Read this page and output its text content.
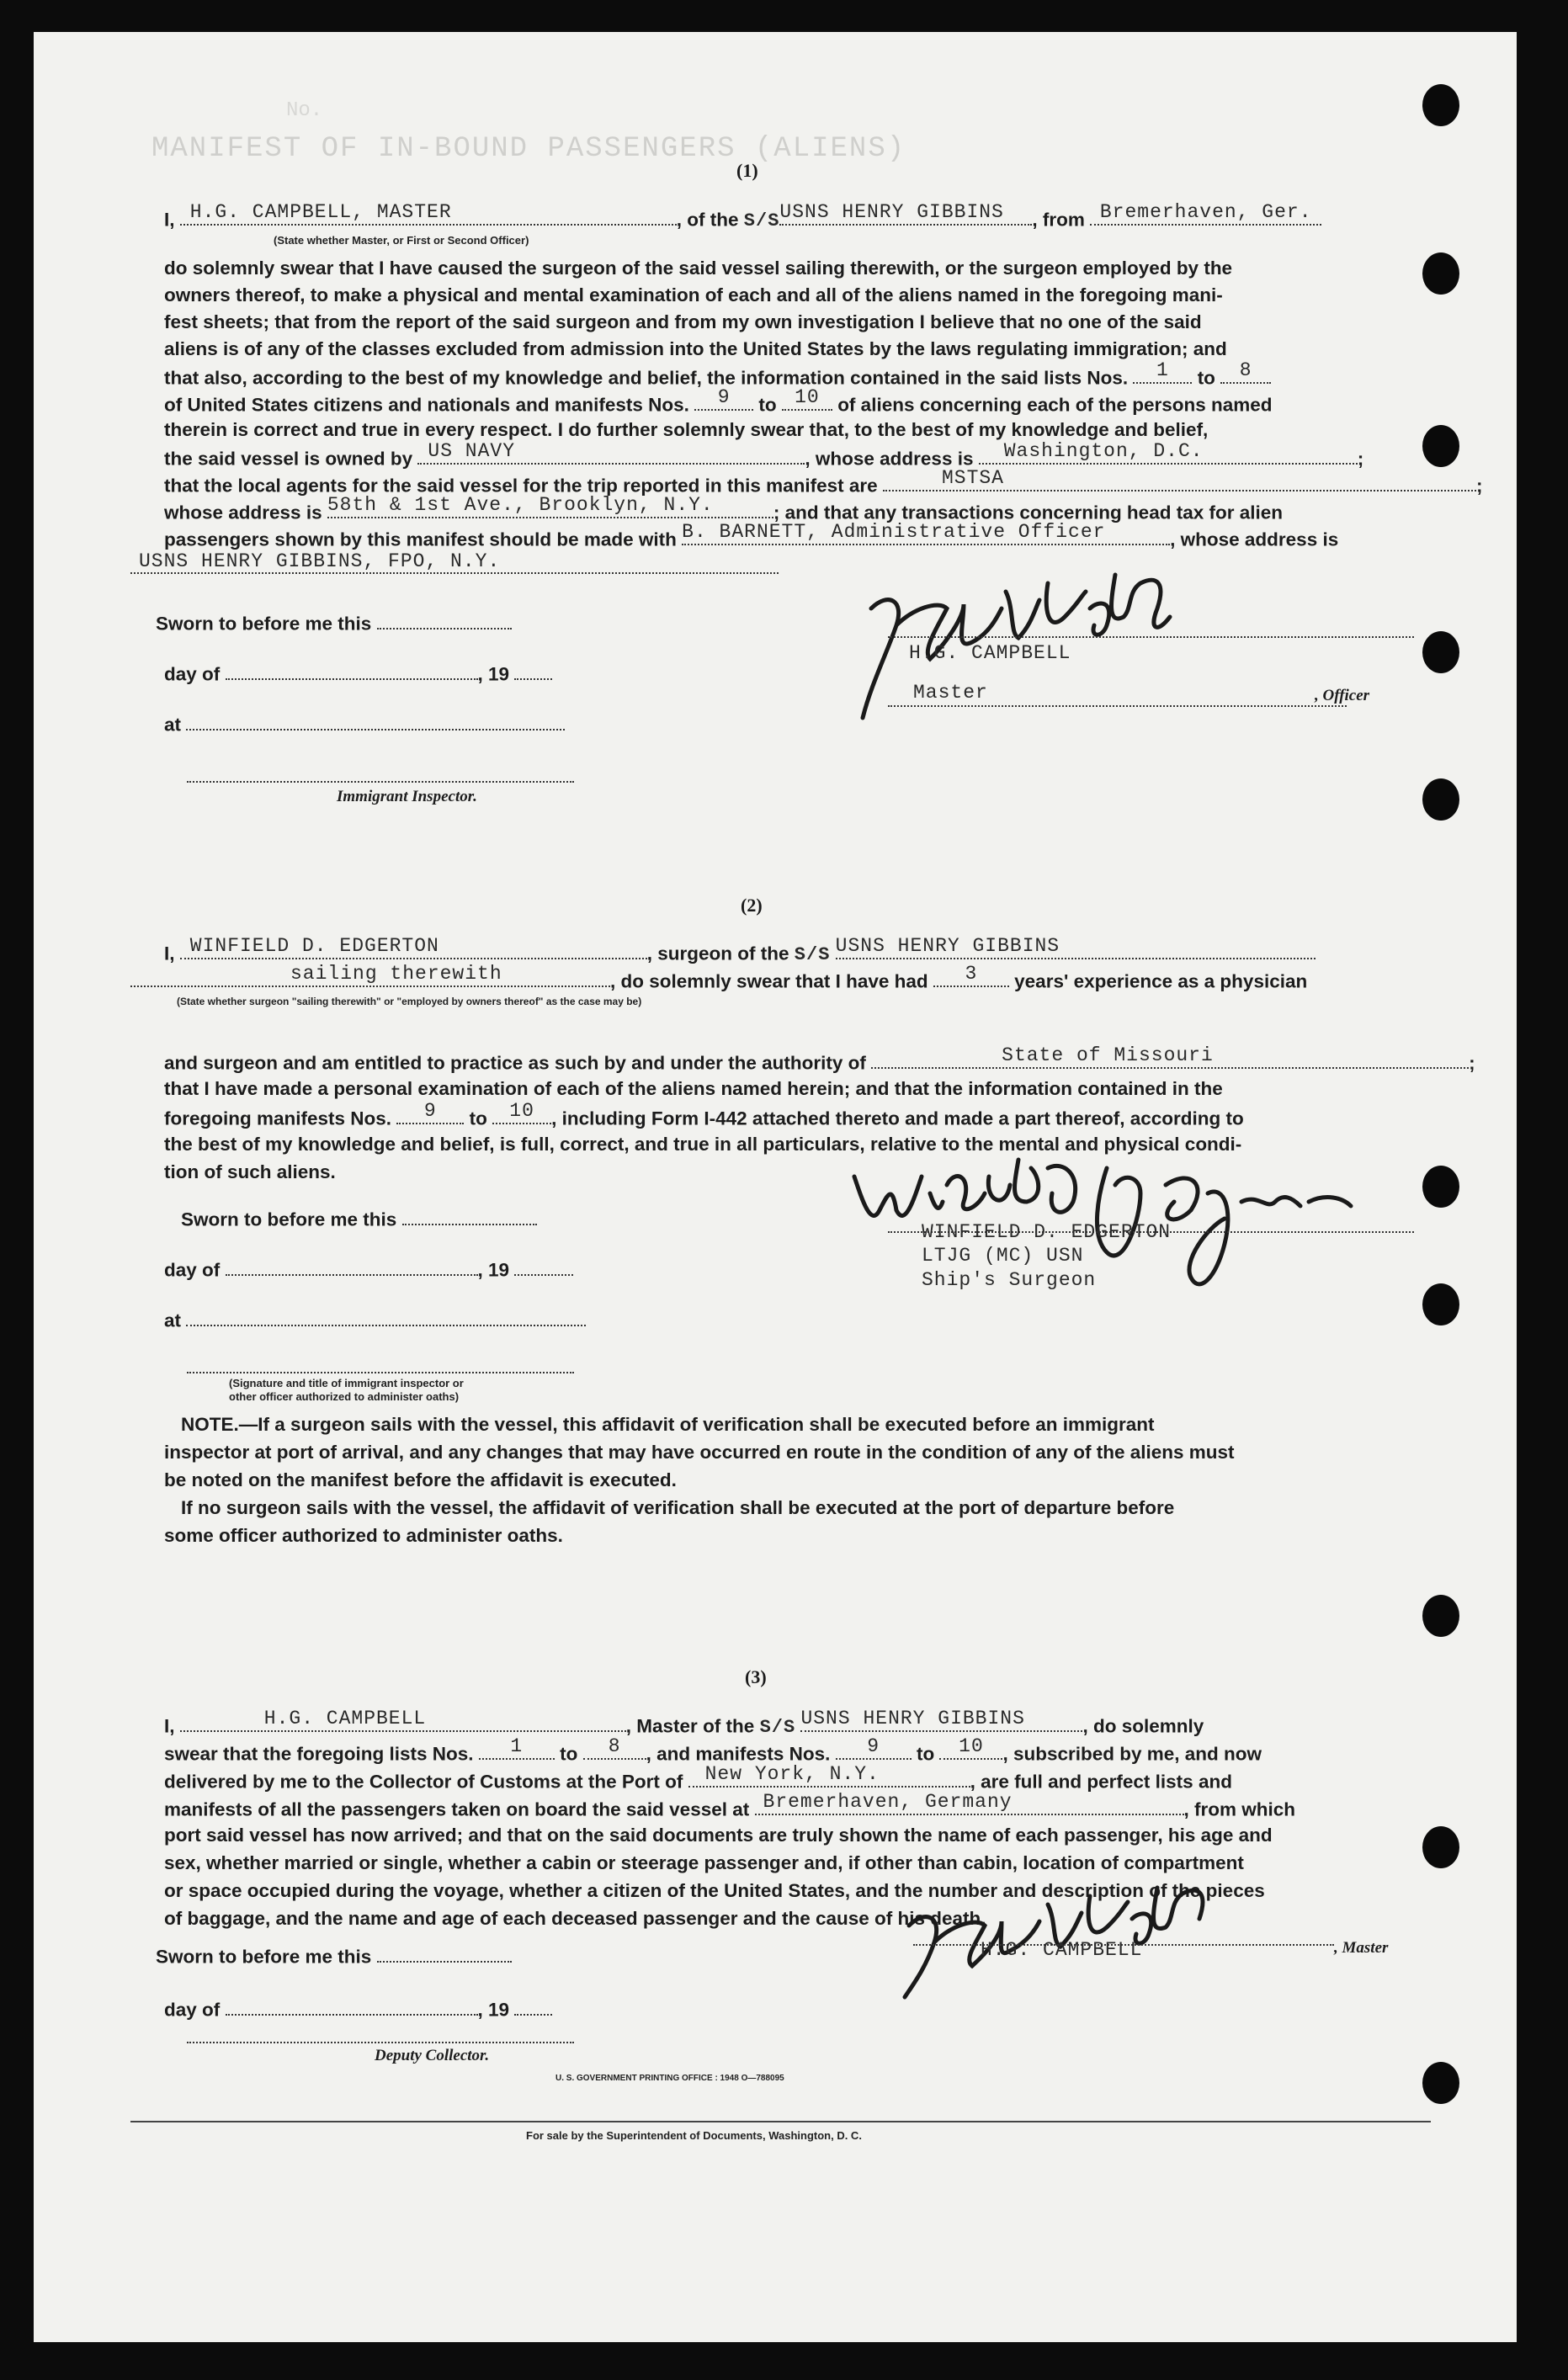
MANIFEST OF IN-BOUND PASSENGERS (ALIENS)
No.
(1)
I, H.G. CAMPBELL, MASTER	, of the S/S USNS HENRY GIBBINS , from Bremerhaven, Ger.
(State whether Master, or First or Second Officer)
do solemnly swear that I have caused the surgeon of the said vessel sailing therewith, or the surgeon employed by the
owners thereof, to make a physical and mental examination of each and all of the aliens named in the foregoing mani-
fest sheets; that from the report of the said surgeon and from my own investigation I believe that no one of the said
aliens is of any of the classes excluded from admission into the United States by the laws regulating immigration; and
that also, according to the best of my knowledge and belief, the information contained in the said lists Nos. 1 to 8
of United States citizens and nationals and manifests Nos. 9 to 10 of aliens concerning each of the persons named
therein is correct and true in every respect. I do further solemnly swear that, to the best of my knowledge and belief,
the said vessel is owned by US NAVY	, whose address is Washington, D.C.	;
that the local agents for the said vessel for the trip reported in this manifest are	MSTSA	;
whose address is 58th & 1st Ave., Brooklyn, N.Y.	; and that any transactions concerning head tax for alien
passengers shown by this manifest should be made with B. BARNETT, Administrative Officer	, whose address is
USNS HENRY GIBBINS, FPO, N.Y.
Sworn to before me this
day of	, 19
at
Immigrant Inspector.
H.G. CAMPBELL
Master	, Officer
(2)
I, WINFIELD D. EDGERTON	, surgeon of the S/S USNS HENRY GIBBINS
sailing therewith	, do solemnly swear that I have had 3 years' experience as a physician
(State whether surgeon "sailing therewith" or "employed by owners thereof" as the case may be)
and surgeon and am entitled to practice as such by and under the authority of	State of Missouri	;
that I have made a personal examination of each of the aliens named herein; and that the information contained in the
foregoing manifests Nos. 9 to 10 , including Form I-442 attached thereto and made a part thereof, according to
the best of my knowledge and belief, is full, correct, and true in all particulars, relative to the mental and physical condi-
tion of such aliens.
Sworn to before me this
day of	, 19
at
(Signature and title of immigrant inspector or
other officer authorized to administer oaths)
WINFIELD D. EDGERTON
LTJG (MC) USN
Ship's Surgeon
NOTE.—If a surgeon sails with the vessel, this affidavit of verification shall be executed before an immigrant
inspector at port of arrival, and any changes that may have occurred en route in the condition of any of the aliens must
be noted on the manifest before the affidavit is executed.
If no surgeon sails with the vessel, the affidavit of verification shall be executed at the port of departure before
some officer authorized to administer oaths.
(3)
I,	H.G. CAMPBELL	, Master of the S/S USNS HENRY GIBBINS	, do solemnly
swear that the foregoing lists Nos. 1 to 8 , and manifests Nos. 9 to 10 , subscribed by me, and now
delivered by me to the Collector of Customs at the Port of New York, N.Y.	, are full and perfect lists and
manifests of all the passengers taken on board the said vessel at Bremerhaven, Germany	, from which
port said vessel has now arrived; and that on the said documents are truly shown the name of each passenger, his age and
sex, whether married or single, whether a cabin or steerage passenger and, if other than cabin, location of compartment
or space occupied during the voyage, whether a citizen of the United States, and the number and description of the pieces
of baggage, and the name and age of each deceased passenger and the cause of his death.
Sworn to before me this
day of	, 19
Deputy Collector.
H.G. CAMPBELL	, Master
U. S. GOVERNMENT PRINTING OFFICE : 1948 O—788095
For sale by the Superintendent of Documents, Washington, D. C.
